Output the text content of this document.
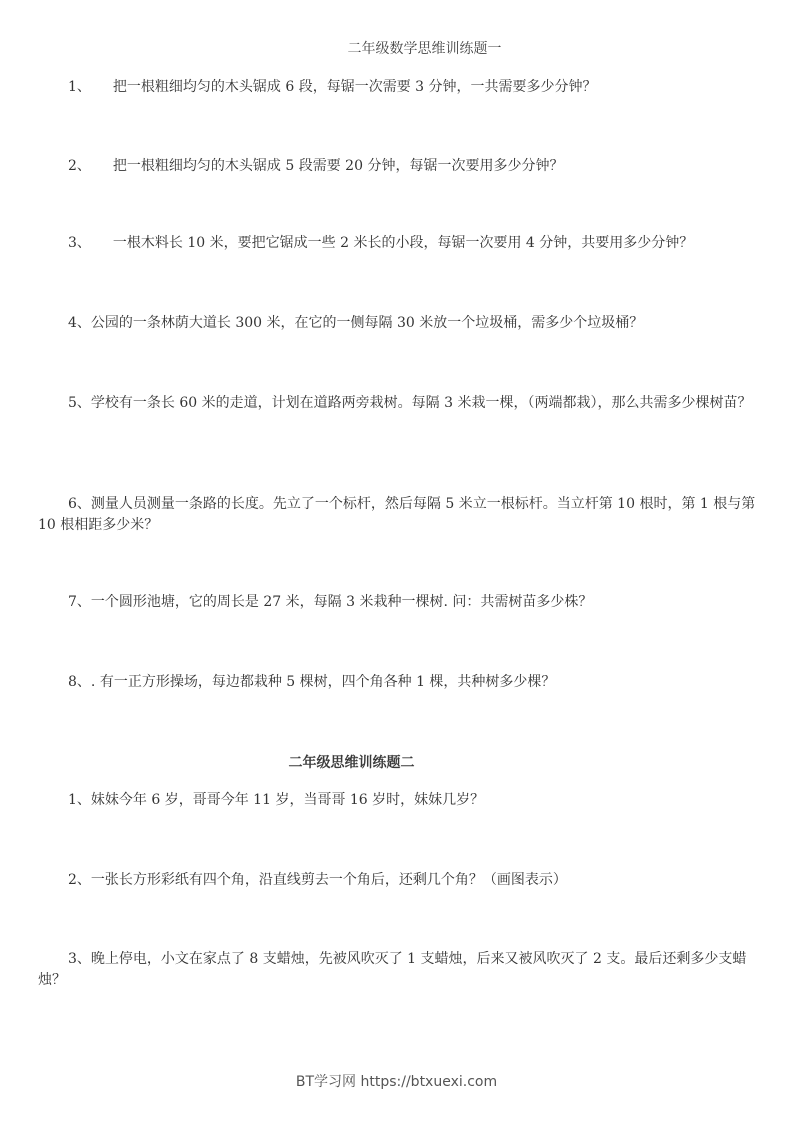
二年级数学思维训练题一
1、 把一根粗细均匀的木头锯成 6 段，每锯一次需要 3 分钟，一共需要多少分钟？
2、 把一根粗细均匀的木头锯成 5 段需要 20 分钟，每锯一次要用多少分钟？
3、 一根木料长 10 米，要把它锯成一些 2 米长的小段，每锯一次要用 4 分钟，共要用多少分钟？
4、公园的一条林荫大道长 300 米，在它的一侧每隔 30 米放一个垃圾桶，需多少个垃圾桶？
5、学校有一条长 60 米的走道，计划在道路两旁栽树。每隔 3 米栽一棵，（两端都栽），那么共需多少棵树苗？
6、测量人员测量一条路的长度。先立了一个标杆，然后每隔 5 米立一根标杆。当立杆第 10 根时，第 1 根与第 10 根相距多少米？
7、一个圆形池塘，它的周长是 27 米，每隔 3 米栽种一棵树. 问：共需树苗多少株？
8、. 有一正方形操场，每边都栽种 5 棵树，四个角各种 1 棵，共种树多少棵？
二年级思维训练题二
1、妹妹今年 6 岁，哥哥今年 11 岁，当哥哥 16 岁时，妹妹几岁？
2、一张长方形彩纸有四个角，沿直线剪去一个角后，还剩几个角？（画图表示）
3、晚上停电，小文在家点了 8 支蜡烛，先被风吹灭了 1 支蜡烛，后来又被风吹灭了 2 支。最后还剩多少支蜡烛？
BT学习网 https://btxuexi.com
